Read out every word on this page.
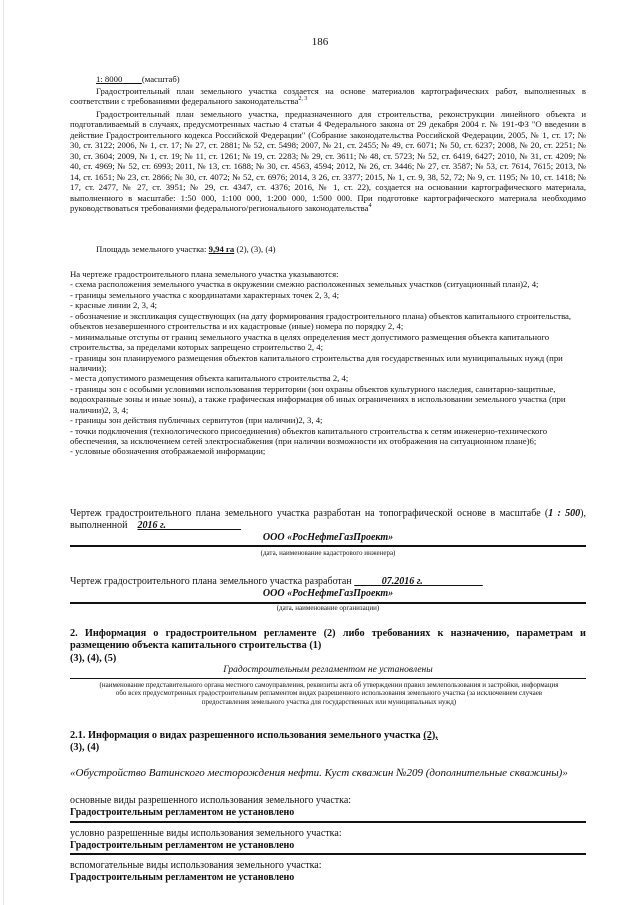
186
1: 8000 (масштаб)
Градостроительный план земельного участка создается на основе материалов картографических работ, выполненных в соответствии с требованиями федерального законодательства$^{2, 3}$
Градостроительный план земельного участка, предназначенного для строительства, реконструкции линейного объекта и подготавливаемый в случаях, предусмотренных частью 4 статьи 4 Федерального закона от 29 декабря 2004 г. № 191-ФЗ "О введении в действие Градостроительного кодекса Российской Федерации" (Собрание законодательства Российской Федерации, 2005, № 1, ст. 17; № 30, ст. 3122; 2006, № 1, ст. 17; № 27, ст. 2881; № 52, ст. 5498; 2007, № 21, ст. 2455; № 49, ст. 6071; № 50, ст. 6237; 2008, № 20, ст. 2251; № 30, ст. 3604; 2009, № 1, ст. 19; № 11, ст. 1261; № 19, ст. 2283; № 29, ст. 3611; № 48, ст. 5723; № 52, ст. 6419, 6427; 2010, № 31, ст. 4209; № 40, ст. 4969; № 52, ст. 6993; 2011, № 13, ст. 1688; № 30, ст. 4563, 4594; 2012, № 26, ст. 3446; № 27, ст. 3587; № 53, ст. 7614, 7615; 2013, № 14, ст. 1651; № 23, ст. 2866; № 30, ст. 4072; № 52, ст. 6976; 2014, 3 26, ст. 3377; 2015, № 1, ст. 9, 38, 52, 72; № 9, ст. 1195; № 10, ст. 1418; № 17, ст. 2477, № 27, ст. 3951; № 29, ст. 4347, ст. 4376; 2016, № 1, ст. 22), создается на основании картографического материала, выполненного в масштабе: 1:50 000, 1:100 000, 1:200 000, 1:500 000. При подготовке картографического материала необходимо руководствоваться требованиями федерального/регионального законодательства$^4$
Площадь земельного участка: 9,94 га (2), (3), (4)
На чертеже градостроительного плана земельного участка указываются:
- схема расположения земельного участка в окружении смежно расположенных земельных участков (ситуационный план)2, 4;
- границы земельного участка с координатами характерных точек 2, 3, 4;
- красные линии 2, 3, 4;
- обозначение и экспликация существующих (на дату формирования градостроительного плана) объектов капитального строительства, объектов незавершенного строительства и их кадастровые (иные) номера по порядку 2, 4;
- минимальные отступы от границ земельного участка в целях определения мест допустимого размещения объекта капитального строительства, за пределами которых запрещено строительство 2, 4;
- границы зон планируемого размещения объектов капитального строительства для государственных или муниципальных нужд (при наличии);
- места допустимого размещения объекта капитального строительства 2, 4;
- границы зон с особыми условиями использования территории (зон охраны объектов культурного наследия, санитарно-защитные, водоохранные зоны и иные зоны), а также графическая информация об иных ограничениях в использовании земельного участка (при наличии)2, 3, 4;
- границы зон действия публичных сервитутов (при наличии)2, 3, 4;
- точки подключения (технологического присоединения) объектов капитального строительства к сетям инженерно-технического обеспечения, за исключением сетей электроснабжения (при наличии возможности их отображения на ситуационном плане)6;
- условные обозначения отображаемой информации;
Чертеж градостроительного плана земельного участка разработан на топографической основе в масштабе (1 : 500), выполненной 2016 г.
ООО «РосНефтеГазПроект»
(дата, наименование кадастрового инженера)
Чертеж градостроительного плана земельного участка разработан	07.2016 г.
ООО «РосНефтеГазПроект»
(дата, наименование организации)
2. Информация о градостроительном регламенте (2) либо требованиях к назначению, параметрам и размещению объекта капитального строительства (1)
(3), (4), (5)
Градостроительным регламентом не установлены
(наименование представительного органа местного самоуправления, реквизиты акта об утверждении правил землепользования и застройки, информация обо всех предусмотренных градостроительным регламентом видах разрешенного использования земельного участка (за исключением случаев предоставления земельного участка для государственных или муниципальных нужд)
2.1. Информация о видах разрешенного использования земельного участка (2),
(3), (4)
«Обустройство Ватинского месторождения нефти. Куст скважин №209 (дополнительные скважины)»
основные виды разрешенного использования земельного участка:
Градостроительным регламентом не установлено
условно разрешенные виды использования земельного участка:
Градостроительным регламентом не установлено
вспомогательные виды использования земельного участка:
Градостроительным регламентом не установлено
